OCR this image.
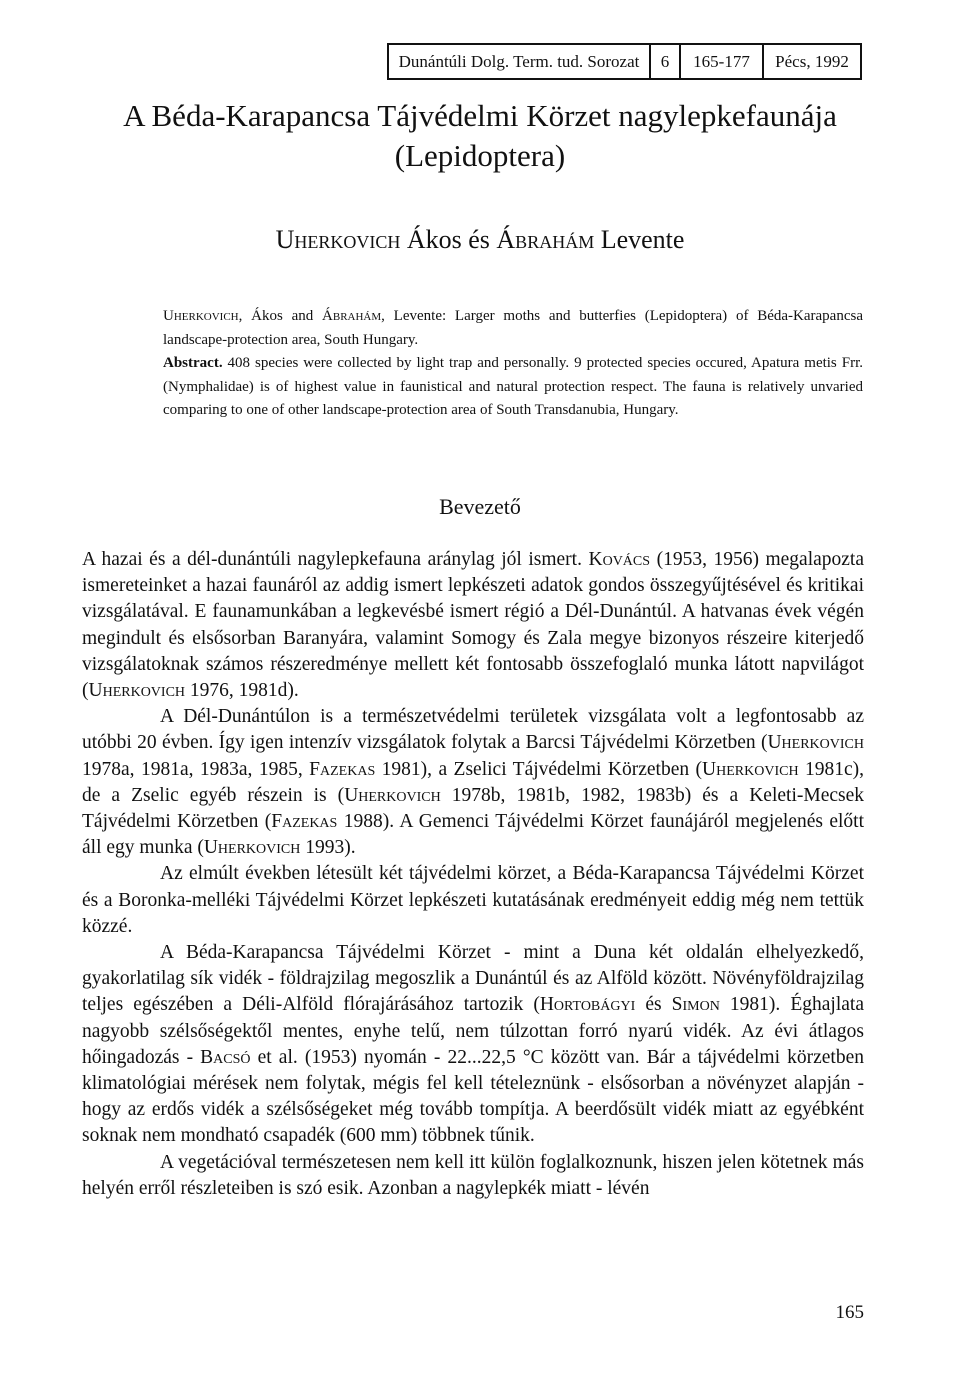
Dunántúli Dolg. Term. tud. Sorozat	6	165-177	Pécs, 1992
A Béda-Karapancsa Tájvédelmi Körzet nagylepkefaunája
(Lepidoptera)
Uherkovich Ákos és Ábrahám Levente

Uherkovich, Ákos and Ábrahám, Levente: Larger moths and butterfies (Lepidoptera) of Béda-Karapancsa landscape-protection area, South Hungary.

Abstract. 408 species were collected by light trap and personally. 9 protected species occured, Apatura metis Frr. (Nymphalidae) is of highest value in faunistical and natural protection respect. The fauna is relatively unvaried comparing to one of other landscape-protection area of South Transdanubia, Hungary.

Bevezető

A hazai és a dél-dunántúli nagylepkefauna aránylag jól ismert. Kovács (1953, 1956) megalapozta ismereteinket a hazai faunáról az addig ismert lepkészeti adatok gondos összegyűjtésével és kritikai vizsgálatával. E faunamunkában a legkevésbé ismert régió a Dél-Dunántúl. A hatvanas évek végén megindult és elsősorban Baranyára, valamint Somogy és Zala megye bizonyos részeire kiterjedő vizsgálatoknak számos részeredménye mellett két fontosabb összefoglaló munka látott napvilágot (Uherkovich 1976, 1981d).

A Dél-Dunántúlon is a természetvédelmi területek vizsgálata volt a legfontosabb az utóbbi 20 évben. Így igen intenzív vizsgálatok folytak a Barcsi Tájvédelmi Körzetben (Uherkovich 1978a, 1981a, 1983a, 1985, Fazekas 1981), a Zselici Tájvédelmi Körzetben (Uherkovich 1981c), de a Zselic egyéb részein is (Uherkovich 1978b, 1981b, 1982, 1983b) és a Keleti-Mecsek Tájvédelmi Körzetben (Fazekas 1988). A Gemenci Tájvédelmi Körzet faunájáról megjelenés előtt áll egy munka (Uherkovich 1993).

Az elmúlt években létesült két tájvédelmi körzet, a Béda-Karapancsa Tájvédelmi Körzet és a Boronka-melléki Tájvédelmi Körzet lepkészeti kutatásának eredményeit eddig még nem tettük közzé.

A Béda-Karapancsa Tájvédelmi Körzet - mint a Duna két oldalán elhelyezkedő, gyakorlatilag sík vidék - földrajzilag megoszlik a Dunántúl és az Alföld között. Növényföldrajzilag teljes egészében a Déli-Alföld flórajárásához tartozik (Hortobágyi és Simon 1981). Éghajlata nagyobb szélsőségektől mentes, enyhe telű, nem túlzottan forró nyarú vidék. Az évi átlagos hőingadozás - Bacsó et al. (1953) nyomán - 22...22,5 °C között van. Bár a tájvédelmi körzetben klimatológiai mérések nem folytak, mégis fel kell tételeznünk - elsősorban a növényzet alapján - hogy az erdős vidék a szélsőségeket még tovább tompítja. A beerdősült vidék miatt az egyébként soknak nem mondható csapadék (600 mm) többnek tűnik.

A vegetációval természetesen nem kell itt külön foglalkoznunk, hiszen jelen kötetnek más helyén erről részleteiben is szó esik. Azonban a nagylepkék miatt - lévén

165
